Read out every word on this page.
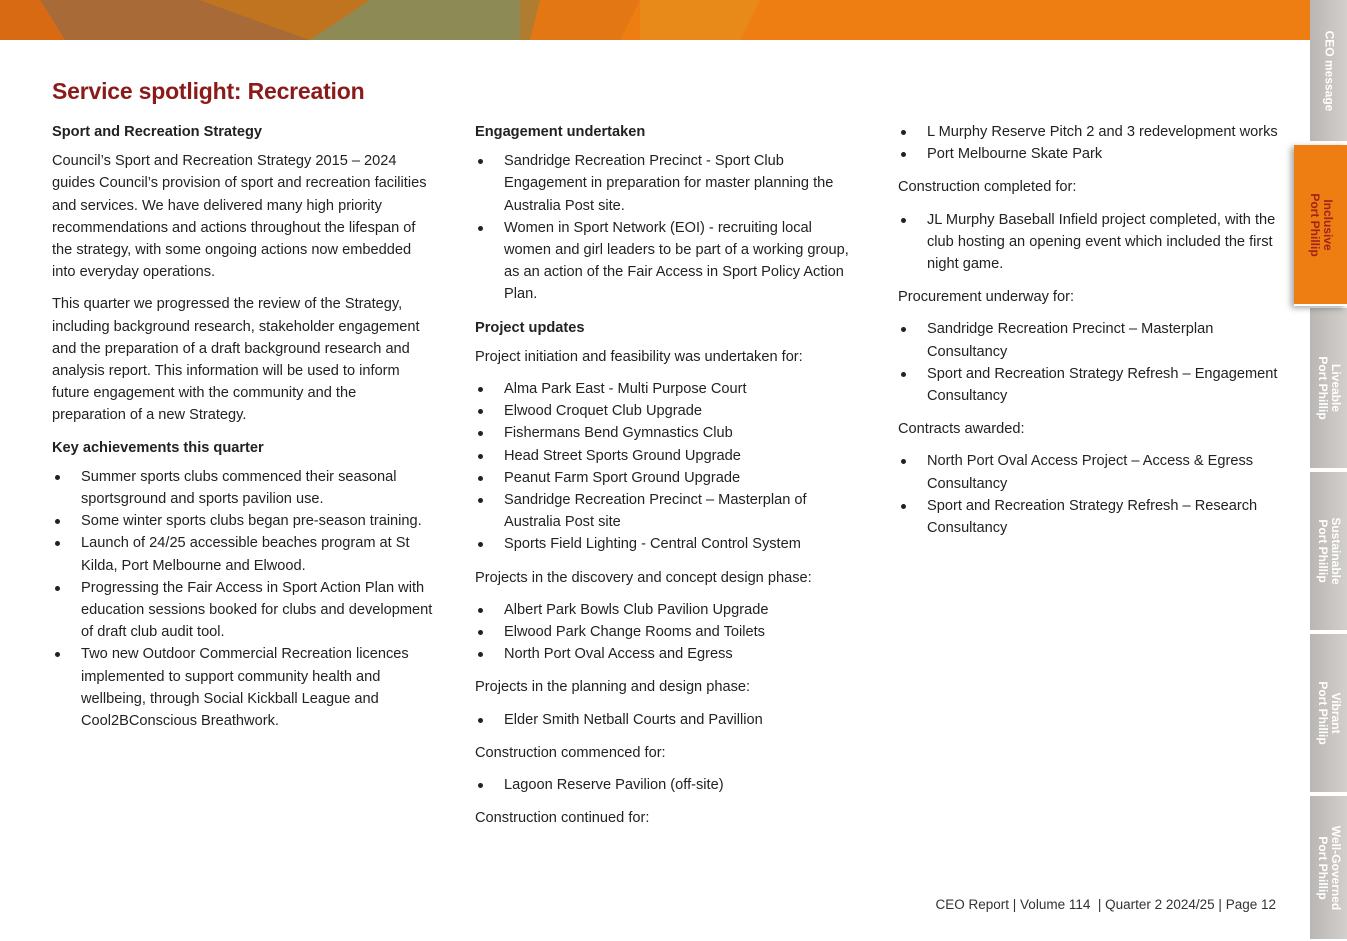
CEO message
Inclusive
Port Phillip
Liveable
Port Phillip
Sustainable
Port Phillip
Vibrant
Port Phillip
Well-Governed
Port Phillip
Service spotlight: Recreation
Sport and Recreation Strategy
Council’s Sport and Recreation Strategy 2015 – 2024 guides Council’s provision of sport and recreation facilities and services. We have delivered many high priority recommendations and actions throughout the lifespan of the strategy, with some ongoing actions now embedded into everyday operations.
This quarter we progressed the review of the Strategy, including background research, stakeholder engagement and the preparation of a draft background research and analysis report. This information will be used to inform future engagement with the community and the preparation of a new Strategy.
Key achievements this quarter
Summer sports clubs commenced their seasonal sportsground and sports pavilion use.
Some winter sports clubs began pre-season training.
Launch of 24/25 accessible beaches program at St Kilda, Port Melbourne and Elwood.
Progressing the Fair Access in Sport Action Plan with education sessions booked for clubs and development of draft club audit tool.
Two new Outdoor Commercial Recreation licences implemented to support community health and wellbeing, through Social Kickball League and Cool2BConscious Breathwork.
Engagement undertaken
Sandridge Recreation Precinct - Sport Club Engagement in preparation for master planning the Australia Post site.
Women in Sport Network (EOI) - recruiting local women and girl leaders to be part of a working group, as an action of the Fair Access in Sport Policy Action Plan.
Project updates
Project initiation and feasibility was undertaken for:
Alma Park East - Multi Purpose Court
Elwood Croquet Club Upgrade
Fishermans Bend Gymnastics Club
Head Street Sports Ground Upgrade
Peanut Farm Sport Ground Upgrade
Sandridge Recreation Precinct – Masterplan of Australia Post site
Sports Field Lighting - Central Control System
Projects in the discovery and concept design phase:
Albert Park Bowls Club Pavilion Upgrade
Elwood Park Change Rooms and Toilets
North Port Oval Access and Egress
Projects in the planning and design phase:
Elder Smith Netball Courts and Pavillion
Construction commenced for:
Lagoon Reserve Pavilion (off-site)
Construction continued for:
L Murphy Reserve Pitch 2 and 3 redevelopment works
Port Melbourne Skate Park
Construction completed for:
JL Murphy Baseball Infield project completed, with the club hosting an opening event which included the first night game.
Procurement underway for:
Sandridge Recreation Precinct – Masterplan Consultancy
Sport and Recreation Strategy Refresh – Engagement Consultancy
Contracts awarded:
North Port Oval Access Project – Access & Egress Consultancy
Sport and Recreation Strategy Refresh – Research Consultancy
CEO Report | Volume 114  | Quarter 2 2024/25 | Page 12
